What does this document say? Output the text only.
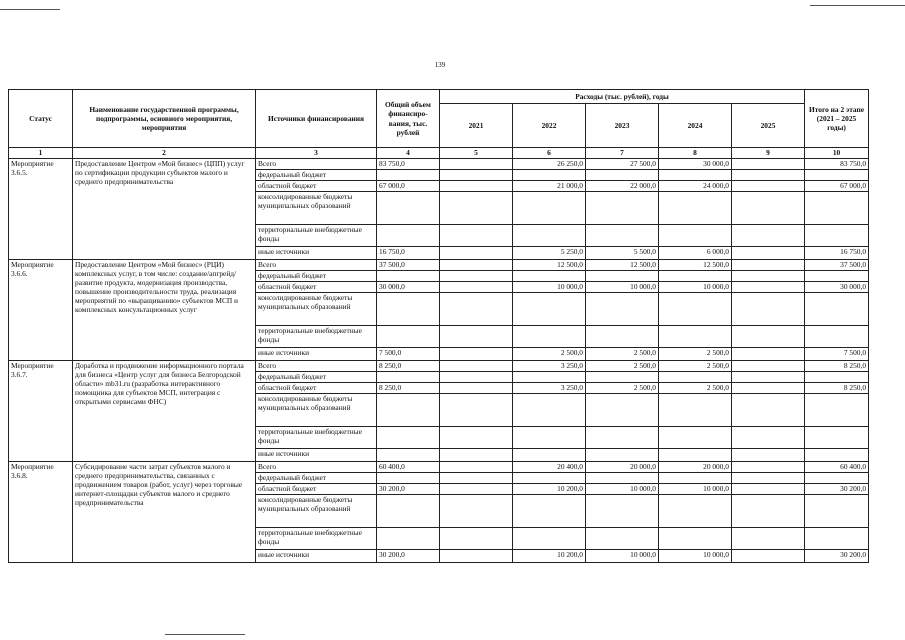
139
Статус	Наименование государственной программы, подпрограммы, основного мероприятия, мероприятия	Источники финансирования	Общий объем финансиро-вания, тыс. рублей	Расходы (тыс. рублей), годы					Итого на 2 этапе (2021 – 2025 годы)
				2021	2022	2023	2024	2025	
1	2	3	4	5	6	7	8	9	10
Мероприятие 3.6.5.	Предоставление Центром «Мой бизнес» (ЦПП) услуг по сертификации продукции субъектов малого и среднего предпринимательства	Всего	83 750,0		26 250,0	27 500,0	30 000,0		83 750,0
		федеральный бюджет							
		областной бюджет	67 000,0		21 000,0	22 000,0	24 000,0		67 000,0
		консолидированные бюджеты муниципальных образований							
		территориальные внебюджетные фонды							
		иные источники	16 750,0		5 250,0	5 500,0	6 000,0		16 750,0
Мероприятие 3.6.6.	Предоставление Центром «Мой бизнес» (РЦИ) комплексных услуг, в том числе: создание/апгрейд/развитие продукта, модернизация производства, повышение производительности труда, реализация мероприятий по «выращиванию» субъектов МСП и комплексных консультационных услуг	Всего	37 500,0		12 500,0	12 500,0	12 500,0		37 500,0
		федеральный бюджет							
		областной бюджет	30 000,0		10 000,0	10 000,0	10 000,0		30 000,0
		консолидированные бюджеты муниципальных образований							
		территориальные внебюджетные фонды							
		иные источники	7 500,0		2 500,0	2 500,0	2 500,0		7 500,0
Мероприятие 3.6.7.	Доработка и продвижение информационного портала для бизнеса «Центр услуг для бизнеса Белгородской области» mb31.ru (разработка интерактивного помощника для субъектов МСП, интеграция с открытыми сервисами ФНС)	Всего	8 250,0		3 250,0	2 500,0	2 500,0		8 250,0
		федеральный бюджет							
		областной бюджет	8 250,0		3 250,0	2 500,0	2 500,0		8 250,0
		консолидированные бюджеты муниципальных образований							
		территориальные внебюджетные фонды							
		иные источники							
Мероприятие 3.6.8.	Субсидирование части затрат субъектов малого и среднего предпринимательства, связанных с продвижением товаров (работ, услуг) через торговые интернет-площадки субъектов малого и среднего предпринимательства	Всего	60 400,0		20 400,0	20 000,0	20 000,0		60 400,0
		федеральный бюджет							
		областной бюджет	30 200,0		10 200,0	10 000,0	10 000,0		30 200,0
		консолидированные бюджеты муниципальных образований							
		территориальные внебюджетные фонды							
		иные источники	30 200,0		10 200,0	10 000,0	10 000,0		30 200,0
